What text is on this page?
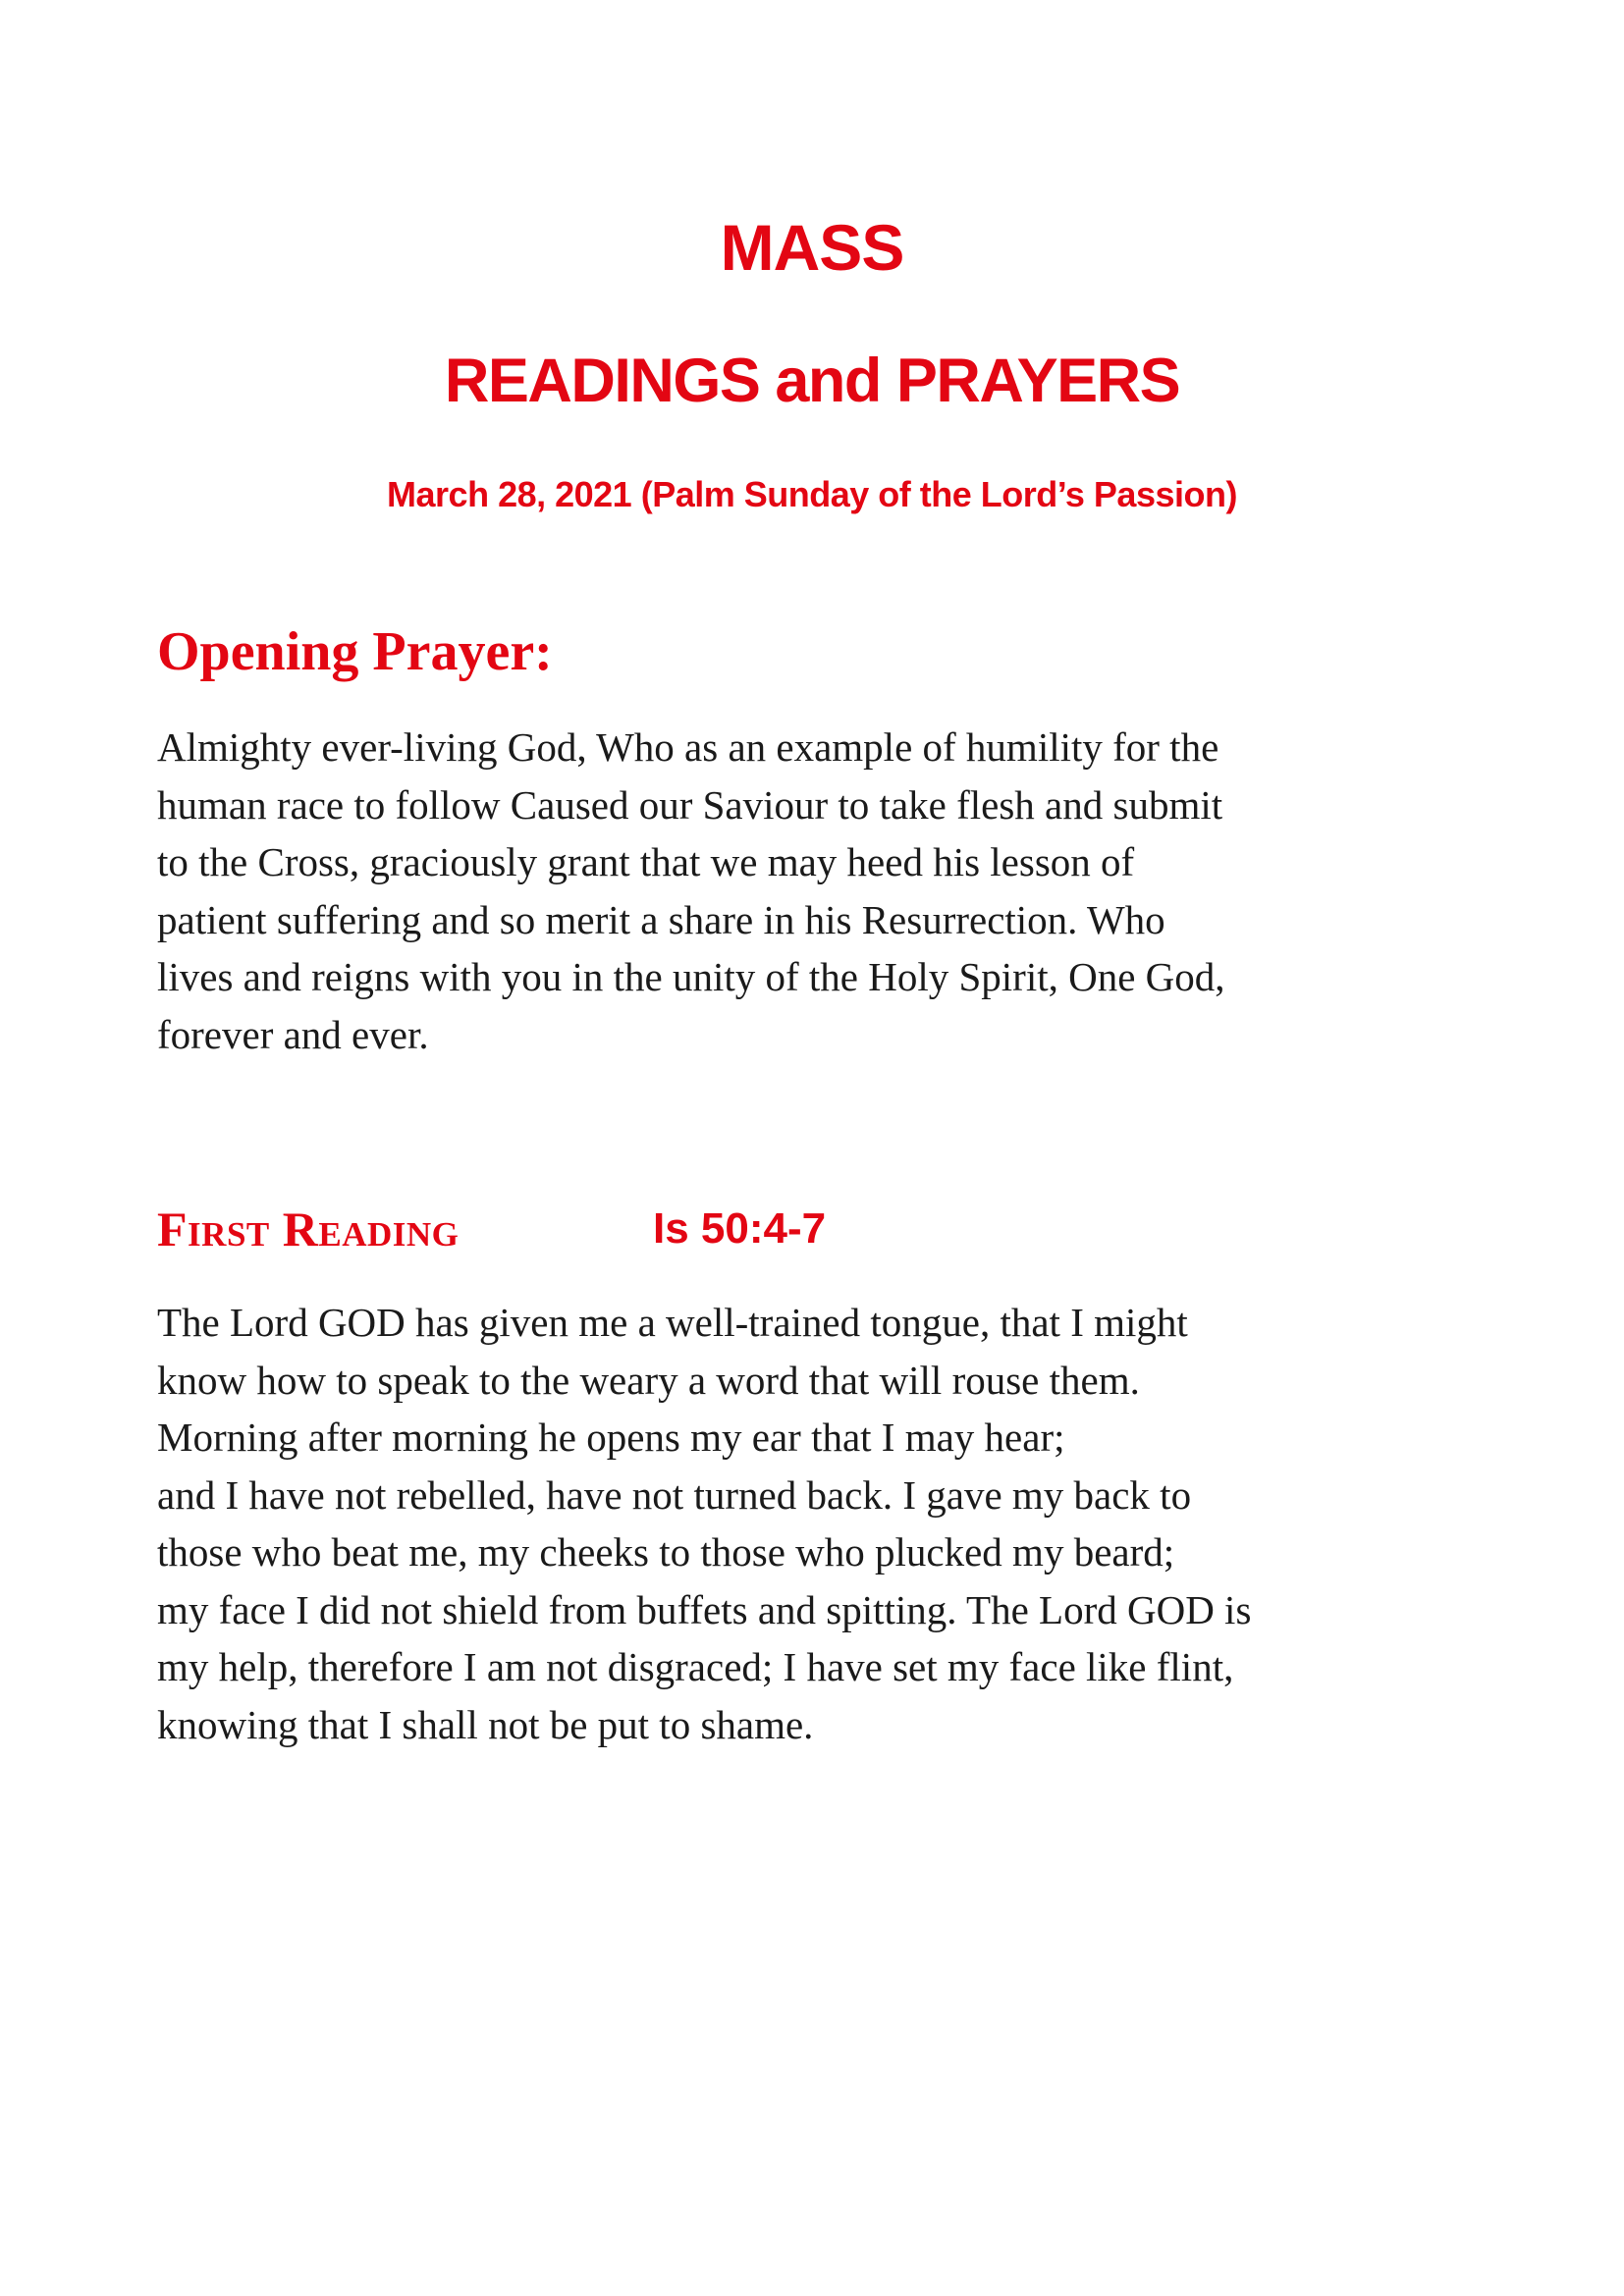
MASS
READINGS and PRAYERS
March 28, 2021 (Palm Sunday of the Lord’s Passion)
Opening Prayer:

Almighty ever-living God, Who as an example of humility for the
human race to follow Caused our Saviour to take flesh and submit
to the Cross, graciously grant that we may heed his lesson of
patient suffering and so merit a share in his Resurrection. Who
lives and reigns with you in the unity of the Holy Spirit, One God,
forever and ever.

First Reading	Is 50:4-7

The Lord GOD has given me a well-trained tongue, that I might
know how to speak to the weary a word that will rouse them.
Morning after morning he opens my ear that I may hear;
and I have not rebelled, have not turned back. I gave my back to
those who beat me, my cheeks to those who plucked my beard;
my face I did not shield from buffets and spitting. The Lord GOD is
my help, therefore I am not disgraced; I have set my face like flint,
knowing that I shall not be put to shame.
